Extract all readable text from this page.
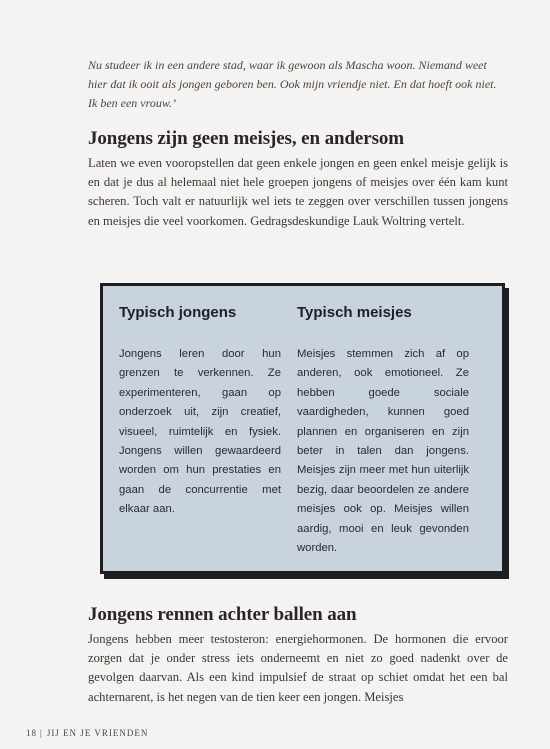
Nu studeer ik in een andere stad, waar ik gewoon als Mascha woon. Niemand weet hier dat ik ooit als jongen geboren ben. Ook mijn vriendje niet. En dat hoeft ook niet. Ik ben een vrouw.’

Jongens zijn geen meisjes, en andersom

Laten we even vooropstellen dat geen enkele jongen en geen enkel meisje gelijk is en dat je dus al helemaal niet hele groepen jongens of meisjes over één kam kunt scheren. Toch valt er natuurlijk wel iets te zeggen over verschillen tussen jongens en meisjes die veel voorkomen. Gedragsdeskundige Lauk Woltring vertelt.

Typisch jongens
Jongens leren door hun grenzen te verkennen. Ze experimenteren, gaan op onderzoek uit, zijn creatief, visueel, ruimtelijk en fysiek. Jongens willen gewaardeerd worden om hun prestaties en gaan de concurrentie met elkaar aan.
Typisch meisjes
Meisjes stemmen zich af op anderen, ook emotioneel. Ze hebben goede sociale vaardigheden, kunnen goed plannen en organiseren en zijn beter in talen dan jongens. Meisjes zijn meer met hun uiterlijk bezig, daar beoordelen ze andere meisjes ook op. Meisjes willen aardig, mooi en leuk gevonden worden.
Jongens rennen achter ballen aan

Jongens hebben meer testosteron: energiehormonen. De hormonen die ervoor zorgen dat je onder stress iets onderneemt en niet zo goed nadenkt over de gevolgen daarvan. Als een kind impulsief de straat op schiet omdat het een bal achternarent, is het negen van de tien keer een jongen. Meisjes

18 | JIJ EN JE VRIENDEN
